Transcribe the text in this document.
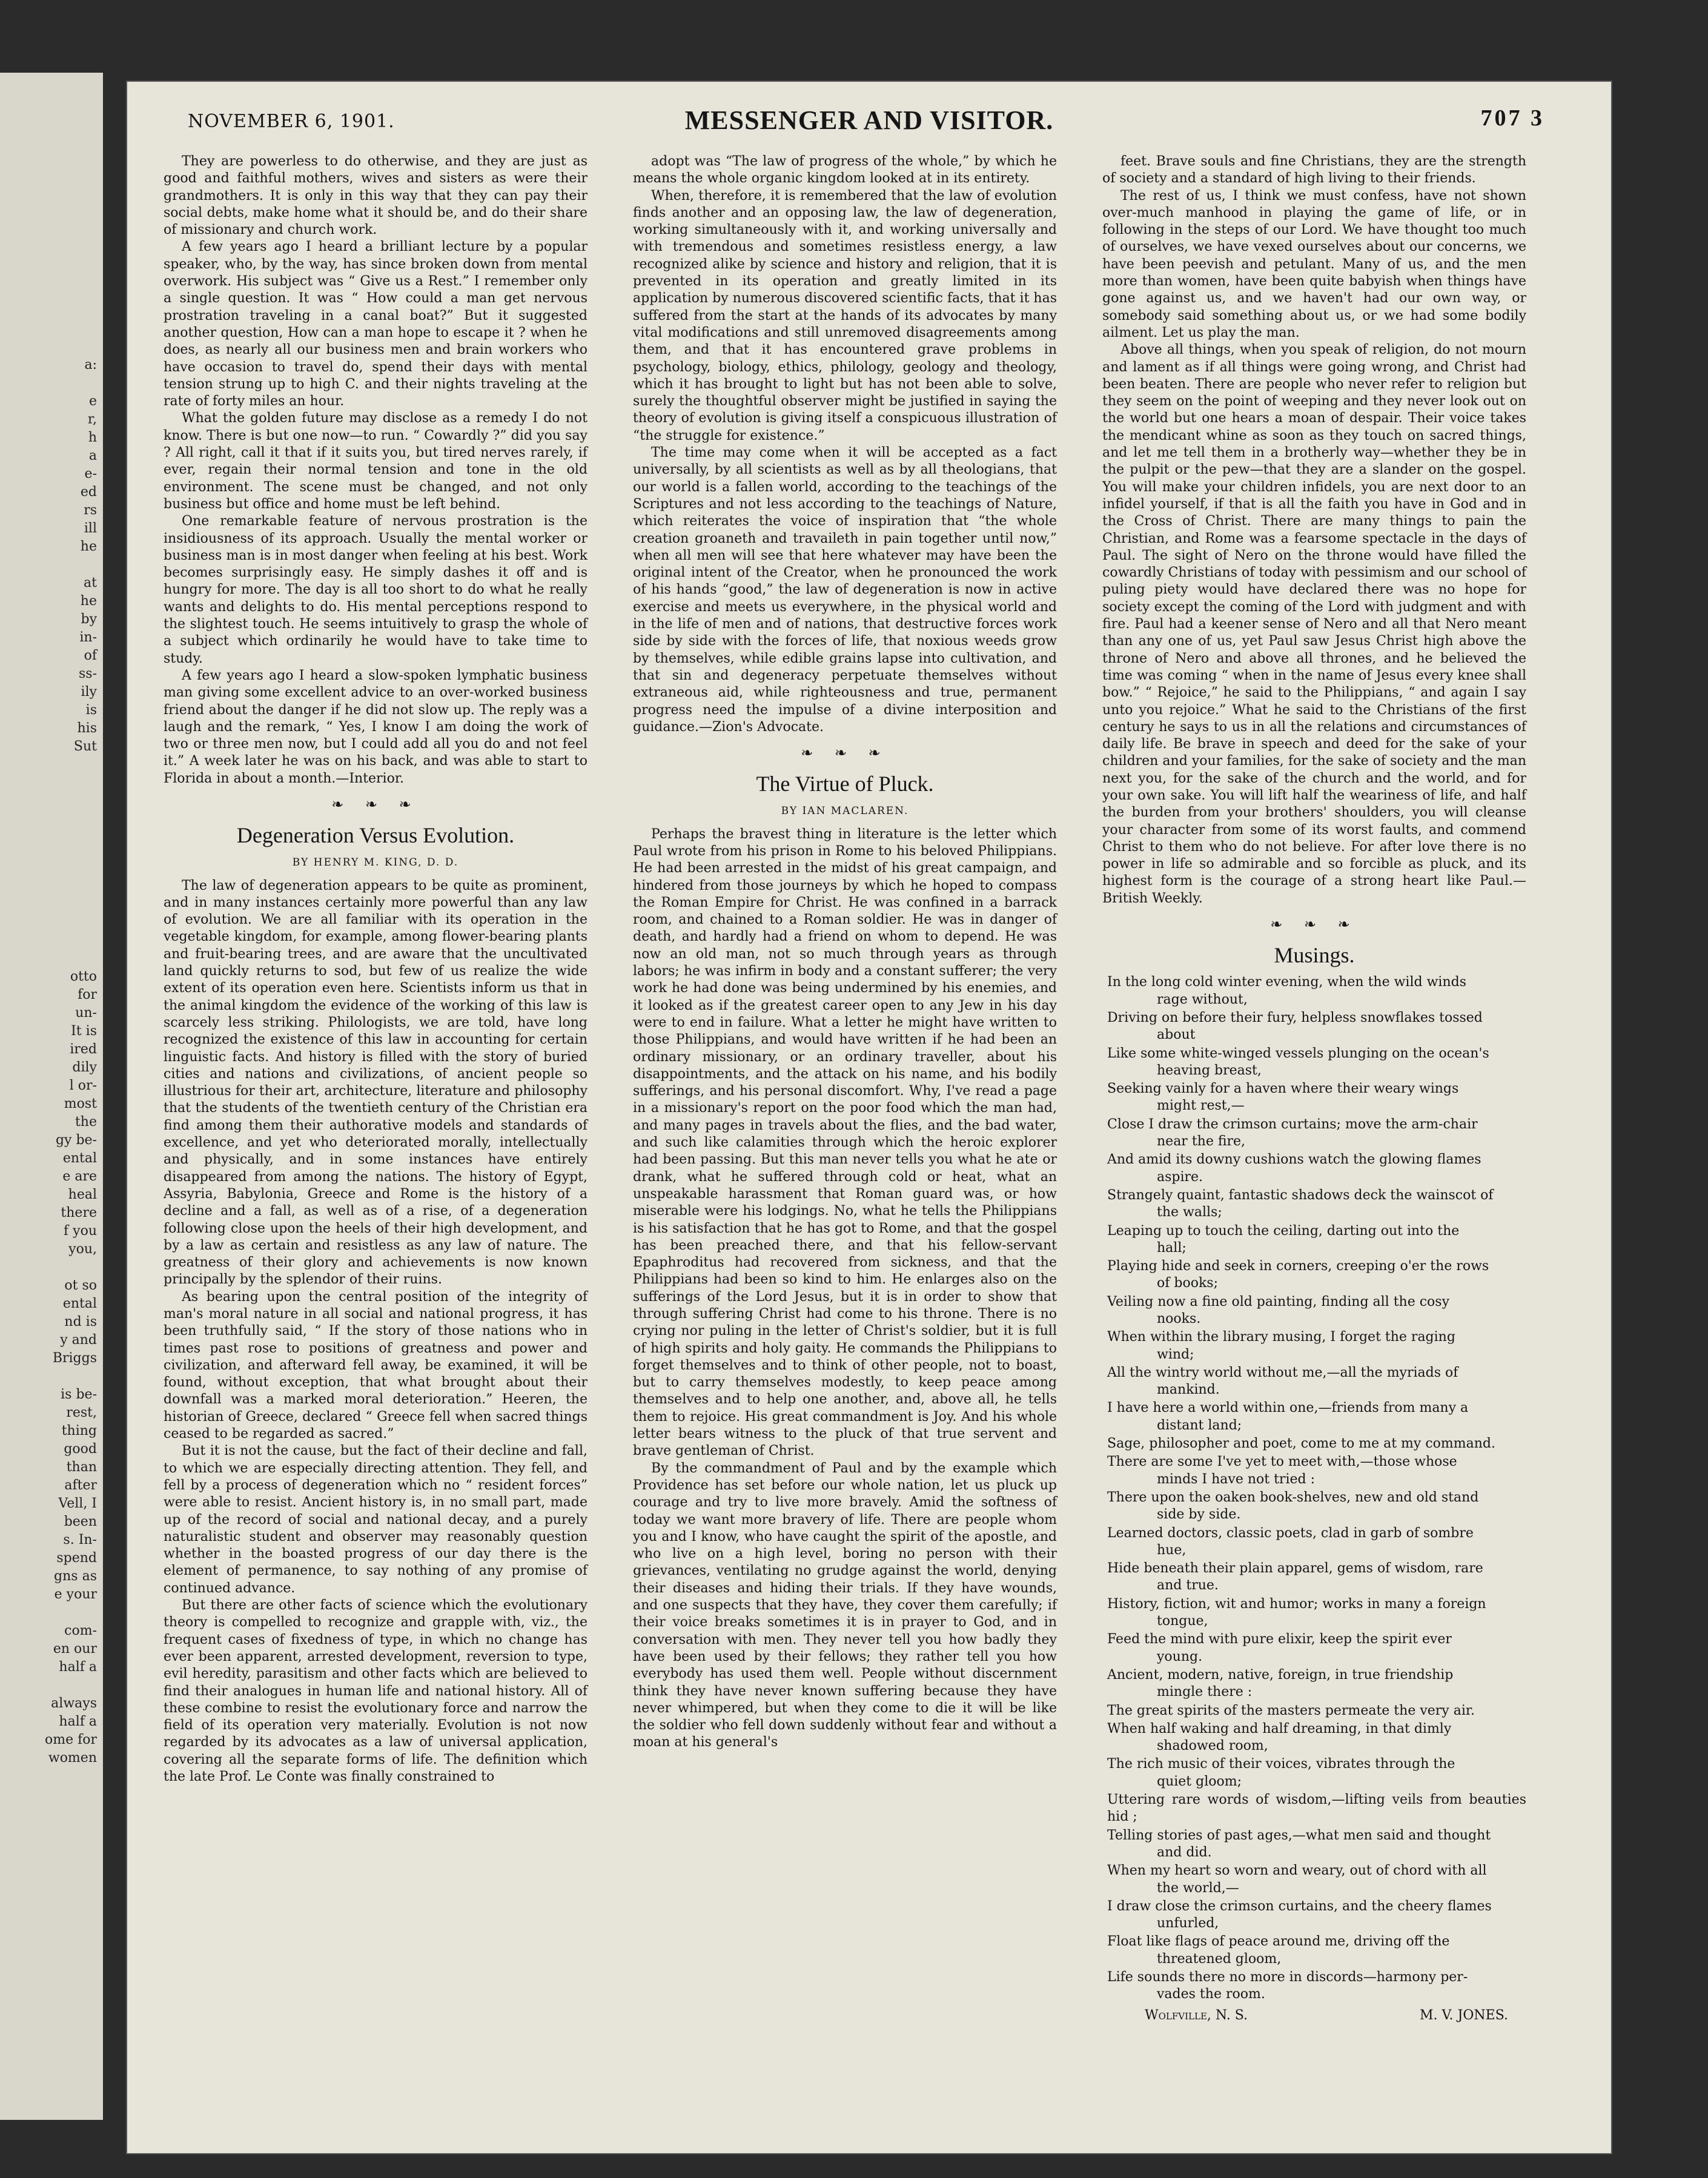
a:
e
r,
h
a
e-
ed
rs
ill
he
at
he
by
in-
of
ss-
ily
is
his
Sut
otto
for
un-
It is
ired
dily
l or-
most
the
gy be-
ental
e are
heal
there
f you
you,
ot so
ental
nd is
y and
Briggs
is be-
rest,
thing
good
than
after
Vell, I
been
s. In-
spend
gns as
e your
com-
en our
half a
always
half a
ome for
women
NOVEMBER 6, 1901.	MESSENGER AND VISITOR.	707 3

They are powerless to do otherwise, and they are just as good and faithful mothers, wives and sisters as were their grandmothers. It is only in this way that they can pay their social debts, make home what it should be, and do their share of missionary and church work.

A few years ago I heard a brilliant lecture by a popular speaker, who, by the way, has since broken down from mental overwork. His subject was “ Give us a Rest.” I remember only a single question. It was “ How could a man get nervous prostration traveling in a canal boat?” But it suggested another question, How can a man hope to escape it ? when he does, as nearly all our business men and brain workers who have occasion to travel do, spend their days with mental tension strung up to high C. and their nights traveling at the rate of forty miles an hour.

What the golden future may disclose as a remedy I do not know. There is but one now—to run. “ Cowardly ?” did you say ? All right, call it that if it suits you, but tired nerves rarely, if ever, regain their normal tension and tone in the old environment. The scene must be changed, and not only business but office and home must be left behind.

One remarkable feature of nervous prostration is the insidiousness of its approach. Usually the mental worker or business man is in most danger when feeling at his best. Work becomes surprisingly easy. He simply dashes it off and is hungry for more. The day is all too short to do what he really wants and delights to do. His mental perceptions respond to the slightest touch. He seems intuitively to grasp the whole of a subject which ordinarily he would have to take time to study.

A few years ago I heard a slow-spoken lymphatic business man giving some excellent advice to an over-worked business friend about the danger if he did not slow up. The reply was a laugh and the remark, “ Yes, I know I am doing the work of two or three men now, but I could add all you do and not feel it.” A week later he was on his back, and was able to start to Florida in about a month.—Interior.

❧ ❧ ❧
Degeneration Versus Evolution.
BY HENRY M. KING, D. D.

The law of degeneration appears to be quite as prominent, and in many instances certainly more powerful than any law of evolution. We are all familiar with its operation in the vegetable kingdom, for example, among flower-bearing plants and fruit-bearing trees, and are aware that the uncultivated land quickly returns to sod, but few of us realize the wide extent of its operation even here. Scientists inform us that in the animal kingdom the evidence of the working of this law is scarcely less striking. Philologists, we are told, have long recognized the existence of this law in accounting for certain linguistic facts. And history is filled with the story of buried cities and nations and civilizations, of ancient people so illustrious for their art, architecture, literature and philosophy that the students of the twentieth century of the Christian era find among them their authorative models and standards of excellence, and yet who deteriorated morally, intellectually and physically, and in some instances have entirely disappeared from among the nations. The history of Egypt, Assyria, Babylonia, Greece and Rome is the history of a decline and a fall, as well as of a rise, of a degeneration following close upon the heels of their high development, and by a law as certain and resistless as any law of nature. The greatness of their glory and achievements is now known principally by the splendor of their ruins.

As bearing upon the central position of the integrity of man's moral nature in all social and national progress, it has been truthfully said, “ If the story of those nations who in times past rose to positions of greatness and power and civilization, and afterward fell away, be examined, it will be found, without exception, that what brought about their downfall was a marked moral deterioration.” Heeren, the historian of Greece, declared “ Greece fell when sacred things ceased to be regarded as sacred.”

But it is not the cause, but the fact of their decline and fall, to which we are especially directing attention. They fell, and fell by a process of degeneration which no “ resident forces” were able to resist. Ancient history is, in no small part, made up of the record of social and national decay, and a purely naturalistic student and observer may reasonably question whether in the boasted progress of our day there is the element of permanence, to say nothing of any promise of continued advance.

But there are other facts of science which the evolutionary theory is compelled to recognize and grapple with, viz., the frequent cases of fixedness of type, in which no change has ever been apparent, arrested development, reversion to type, evil heredity, parasitism and other facts which are believed to find their analogues in human life and national history. All of these combine to resist the evolutionary force and narrow the field of its operation very materially. Evolution is not now regarded by its advocates as a law of universal application, covering all the separate forms of life. The definition which the late Prof. Le Conte was finally constrained to

adopt was “The law of progress of the whole,” by which he means the whole organic kingdom looked at in its entirety.

When, therefore, it is remembered that the law of evolution finds another and an opposing law, the law of degeneration, working simultaneously with it, and working universally and with tremendous and sometimes resistless energy, a law recognized alike by science and history and religion, that it is prevented in its operation and greatly limited in its application by numerous discovered scientific facts, that it has suffered from the start at the hands of its advocates by many vital modifications and still unremoved disagreements among them, and that it has encountered grave problems in psychology, biology, ethics, philology, geology and theology, which it has brought to light but has not been able to solve, surely the thoughtful observer might be justified in saying the theory of evolution is giving itself a conspicuous illustration of “the struggle for existence.”

The time may come when it will be accepted as a fact universally, by all scientists as well as by all theologians, that our world is a fallen world, according to the teachings of the Scriptures and not less according to the teachings of Nature, which reiterates the voice of inspiration that “the whole creation groaneth and travaileth in pain together until now,” when all men will see that here whatever may have been the original intent of the Creator, when he pronounced the work of his hands “good,” the law of degeneration is now in active exercise and meets us everywhere, in the physical world and in the life of men and of nations, that destructive forces work side by side with the forces of life, that noxious weeds grow by themselves, while edible grains lapse into cultivation, and that sin and degeneracy perpetuate themselves without extraneous aid, while righteousness and true, permanent progress need the impulse of a divine interposition and guidance.—Zion's Advocate.

❧ ❧ ❧
The Virtue of Pluck.
BY IAN MACLAREN.

Perhaps the bravest thing in literature is the letter which Paul wrote from his prison in Rome to his beloved Philippians. He had been arrested in the midst of his great campaign, and hindered from those journeys by which he hoped to compass the Roman Empire for Christ. He was confined in a barrack room, and chained to a Roman soldier. He was in danger of death, and hardly had a friend on whom to depend. He was now an old man, not so much through years as through labors; he was infirm in body and a constant sufferer; the very work he had done was being undermined by his enemies, and it looked as if the greatest career open to any Jew in his day were to end in failure. What a letter he might have written to those Philippians, and would have written if he had been an ordinary missionary, or an ordinary traveller, about his disappointments, and the attack on his name, and his bodily sufferings, and his personal discomfort. Why, I've read a page in a missionary's report on the poor food which the man had, and many pages in travels about the flies, and the bad water, and such like calamities through which the heroic explorer had been passing. But this man never tells you what he ate or drank, what he suffered through cold or heat, what an unspeakable harassment that Roman guard was, or how miserable were his lodgings. No, what he tells the Philippians is his satisfaction that he has got to Rome, and that the gospel has been preached there, and that his fellow-servant Epaphroditus had recovered from sickness, and that the Philippians had been so kind to him. He enlarges also on the sufferings of the Lord Jesus, but it is in order to show that through suffering Christ had come to his throne. There is no crying nor puling in the letter of Christ's soldier, but it is full of high spirits and holy gaity. He commands the Philippians to forget themselves and to think of other people, not to boast, but to carry themselves modestly, to keep peace among themselves and to help one another, and, above all, he tells them to rejoice. His great commandment is Joy. And his whole letter bears witness to the pluck of that true servent and brave gentleman of Christ.

By the commandment of Paul and by the example which Providence has set before our whole nation, let us pluck up courage and try to live more bravely. Amid the softness of today we want more bravery of life. There are people whom you and I know, who have caught the spirit of the apostle, and who live on a high level, boring no person with their grievances, ventilating no grudge against the world, denying their diseases and hiding their trials. If they have wounds, and one suspects that they have, they cover them carefully; if their voice breaks sometimes it is in prayer to God, and in conversation with men. They never tell you how badly they have been used by their fellows; they rather tell you how everybody has used them well. People without discernment think they have never known suffering because they have never whimpered, but when they come to die it will be like the soldier who fell down suddenly without fear and without a moan at his general's

feet. Brave souls and fine Christians, they are the strength of society and a standard of high living to their friends.

The rest of us, I think we must confess, have not shown over-much manhood in playing the game of life, or in following in the steps of our Lord. We have thought too much of ourselves, we have vexed ourselves about our concerns, we have been peevish and petulant. Many of us, and the men more than women, have been quite babyish when things have gone against us, and we haven't had our own way, or somebody said something about us, or we had some bodily ailment. Let us play the man.

Above all things, when you speak of religion, do not mourn and lament as if all things were going wrong, and Christ had been beaten. There are people who never refer to religion but they seem on the point of weeping and they never look out on the world but one hears a moan of despair. Their voice takes the mendicant whine as soon as they touch on sacred things, and let me tell them in a brotherly way—whether they be in the pulpit or the pew—that they are a slander on the gospel. You will make your children infidels, you are next door to an infidel yourself, if that is all the faith you have in God and in the Cross of Christ. There are many things to pain the Christian, and Rome was a fearsome spectacle in the days of Paul. The sight of Nero on the throne would have filled the cowardly Christians of today with pessimism and our school of puling piety would have declared there was no hope for society except the coming of the Lord with judgment and with fire. Paul had a keener sense of Nero and all that Nero meant than any one of us, yet Paul saw Jesus Christ high above the throne of Nero and above all thrones, and he believed the time was coming “ when in the name of Jesus every knee shall bow.” “ Rejoice,” he said to the Philippians, “ and again I say unto you rejoice.” What he said to the Christians of the first century he says to us in all the relations and circumstances of daily life. Be brave in speech and deed for the sake of your children and your families, for the sake of society and the man next you, for the sake of the church and the world, and for your own sake. You will lift half the weariness of life, and half the burden from your brothers' shoulders, you will cleanse your character from some of its worst faults, and commend Christ to them who do not believe. For after love there is no power in life so admirable and so forcible as pluck, and its highest form is the courage of a strong heart like Paul.—British Weekly.

❧ ❧ ❧
Musings.
In the long cold winter evening, when the wild winds
rage without,
Driving on before their fury, helpless snowflakes tossed
about
Like some white-winged vessels plunging on the ocean's
heaving breast,
Seeking vainly for a haven where their weary wings
might rest,—
Close I draw the crimson curtains; move the arm-chair
near the fire,
And amid its downy cushions watch the glowing flames
aspire.
Strangely quaint, fantastic shadows deck the wainscot of
the walls;
Leaping up to touch the ceiling, darting out into the
hall;
Playing hide and seek in corners, creeping o'er the rows
of books;
Veiling now a fine old painting, finding all the cosy
nooks.
When within the library musing, I forget the raging
wind;
All the wintry world without me,—all the myriads of
mankind.
I have here a world within one,—friends from many a
distant land;
Sage, philosopher and poet, come to me at my command.
There are some I've yet to meet with,—those whose
minds I have not tried :
There upon the oaken book-shelves, new and old stand
side by side.
Learned doctors, classic poets, clad in garb of sombre
hue,
Hide beneath their plain apparel, gems of wisdom, rare
and true.
History, fiction, wit and humor; works in many a foreign
tongue,
Feed the mind with pure elixir, keep the spirit ever
young.
Ancient, modern, native, foreign, in true friendship
mingle there :
The great spirits of the masters permeate the very air.
When half waking and half dreaming, in that dimly
shadowed room,
The rich music of their voices, vibrates through the
quiet gloom;
Uttering rare words of wisdom,—lifting veils from beauties hid ;
Telling stories of past ages,—what men said and thought
and did.
When my heart so worn and weary, out of chord with all
the world,—
I draw close the crimson curtains, and the cheery flames
unfurled,
Float like flags of peace around me, driving off the
threatened gloom,
Life sounds there no more in discords—harmony per-
vades the room.
Wolfville, N. S.	M. V. JONES.
